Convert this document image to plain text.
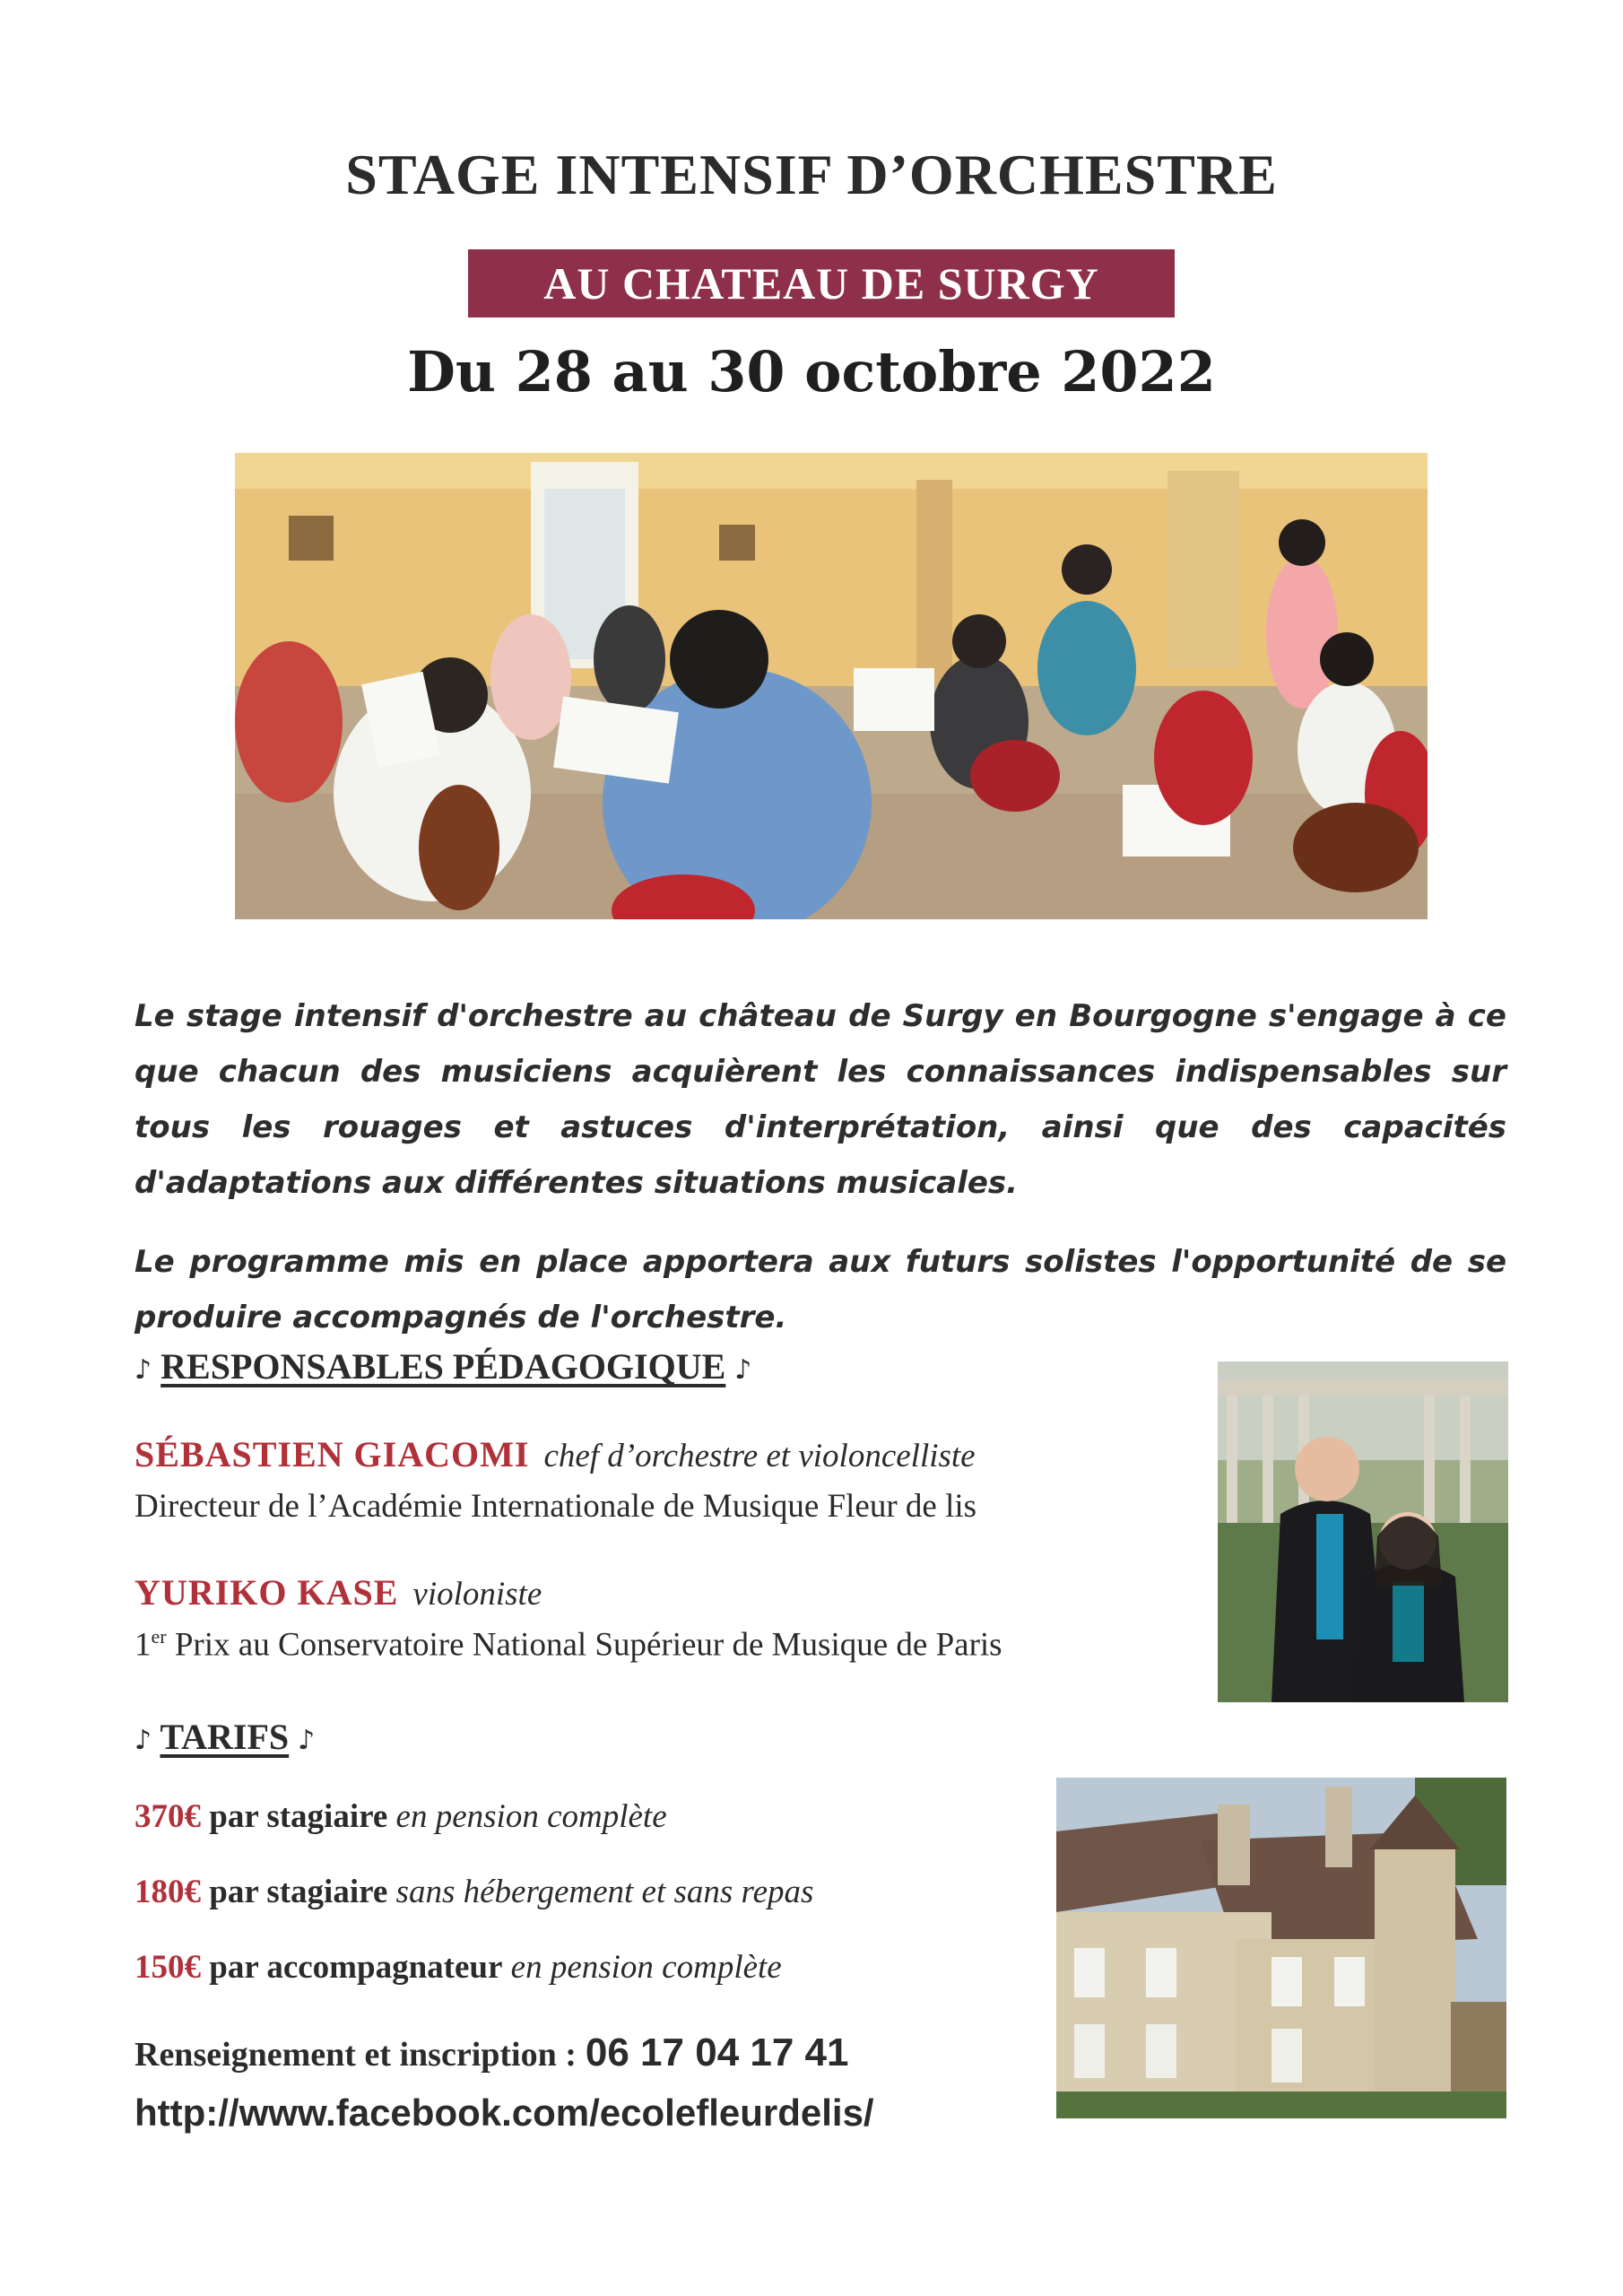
STAGE INTENSIF D’ORCHESTRE
AU CHATEAU DE SURGY
Du 28 au 30 octobre 2022

Le stage intensif d'orchestre au château de Surgy en Bourgogne s'engage à ce que chacun des musiciens acquièrent les connaissances indispensables sur tous les rouages et astuces d'interprétation, ainsi que des capacités d'adaptations aux différentes situations musicales.

Le programme mis en place apportera aux futurs solistes l'opportunité de se produire accompagnés de l'orchestre.

♪ RESPONSABLES PÉDAGOGIQUE ♪
SÉBASTIEN GIACOMI chef d’orchestre et violoncelliste
Directeur de l’Académie Internationale de Musique Fleur de lis
YURIKO KASE violoniste
1er Prix au Conservatoire National Supérieur de Musique de Paris
♪ TARIFS ♪
370€ par stagiaire en pension complète
180€ par stagiaire sans hébergement et sans repas
150€ par accompagnateur en pension complète
Renseignement et inscription : 06 17 04 17 41
http://www.facebook.com/ecolefleurdelis/
